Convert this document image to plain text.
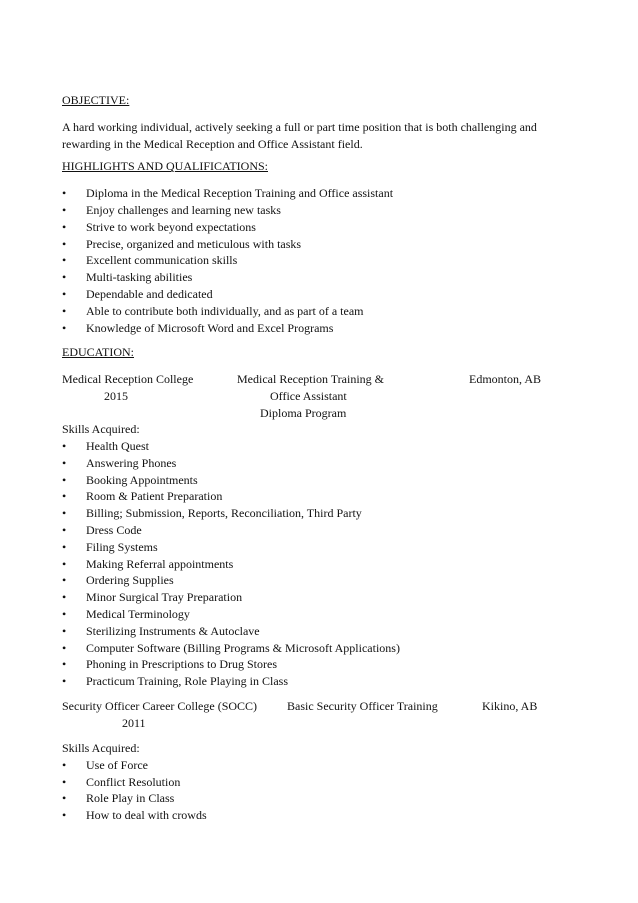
OBJECTIVE:
A hard working individual, actively seeking a full or part time position that is both challenging and
rewarding in the Medical Reception and Office Assistant field.
HIGHLIGHTS AND QUALIFICATIONS:
• Diploma in the Medical Reception Training and Office assistant
• Enjoy challenges and learning new tasks
• Strive to work beyond expectations
• Precise, organized and meticulous with tasks
• Excellent communication skills
• Multi-tasking abilities
• Dependable and dedicated
• Able to contribute both individually, and as part of a team
• Knowledge of Microsoft Word and Excel Programs
EDUCATION:
Medical Reception College
2015
Medical Reception Training &
Office Assistant
Diploma Program
Edmonton, AB
Skills Acquired:
• Health Quest
• Answering Phones
• Booking Appointments
• Room & Patient Preparation
• Billing; Submission, Reports, Reconciliation, Third Party
• Dress Code
• Filing Systems
• Making Referral appointments
• Ordering Supplies
• Minor Surgical Tray Preparation
• Medical Terminology
• Sterilizing Instruments & Autoclave
• Computer Software (Billing Programs & Microsoft Applications)
• Phoning in Prescriptions to Drug Stores
• Practicum Training, Role Playing in Class
Security Officer Career College (SOCC)
2011
Basic Security Officer Training	Kikino, AB
Skills Acquired:
• Use of Force
• Conflict Resolution
• Role Play in Class
• How to deal with crowds
